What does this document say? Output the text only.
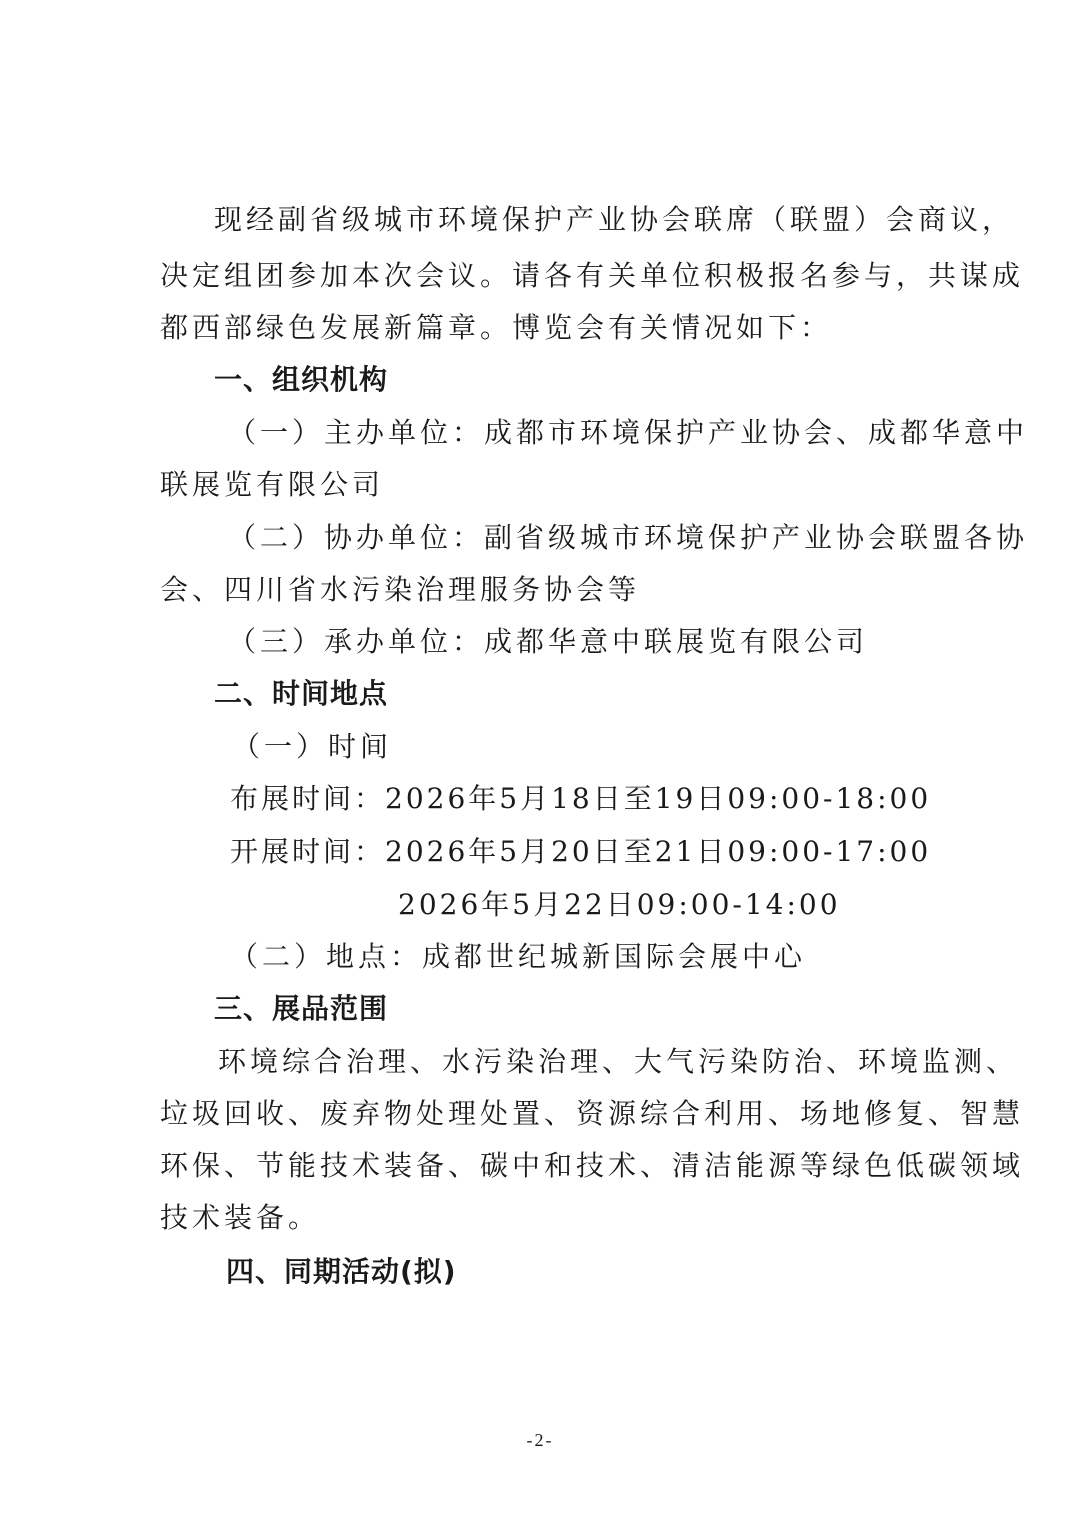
现经副省级城市环境保护产业协会联席（联盟）会商议，
决定组团参加本次会议。请各有关单位积极报名参与，共谋成
都西部绿色发展新篇章。博览会有关情况如下：
一、组织机构
（一）主办单位：成都市环境保护产业协会、成都华意中
联展览有限公司
（二）协办单位：副省级城市环境保护产业协会联盟各协
会、四川省水污染治理服务协会等
（三）承办单位：成都华意中联展览有限公司
二、时间地点
（一）时间
布展时间：2026年5月18日至19日09:00-18:00
开展时间：2026年5月20日至21日09:00-17:00
2026年5月22日09:00-14:00
（二）地点：成都世纪城新国际会展中心
三、展品范围
环境综合治理、水污染治理、大气污染防治、环境监测、
垃圾回收、废弃物处理处置、资源综合利用、场地修复、智慧
环保、节能技术装备、碳中和技术、清洁能源等绿色低碳领域
技术装备。
四、同期活动(拟)
-2-
